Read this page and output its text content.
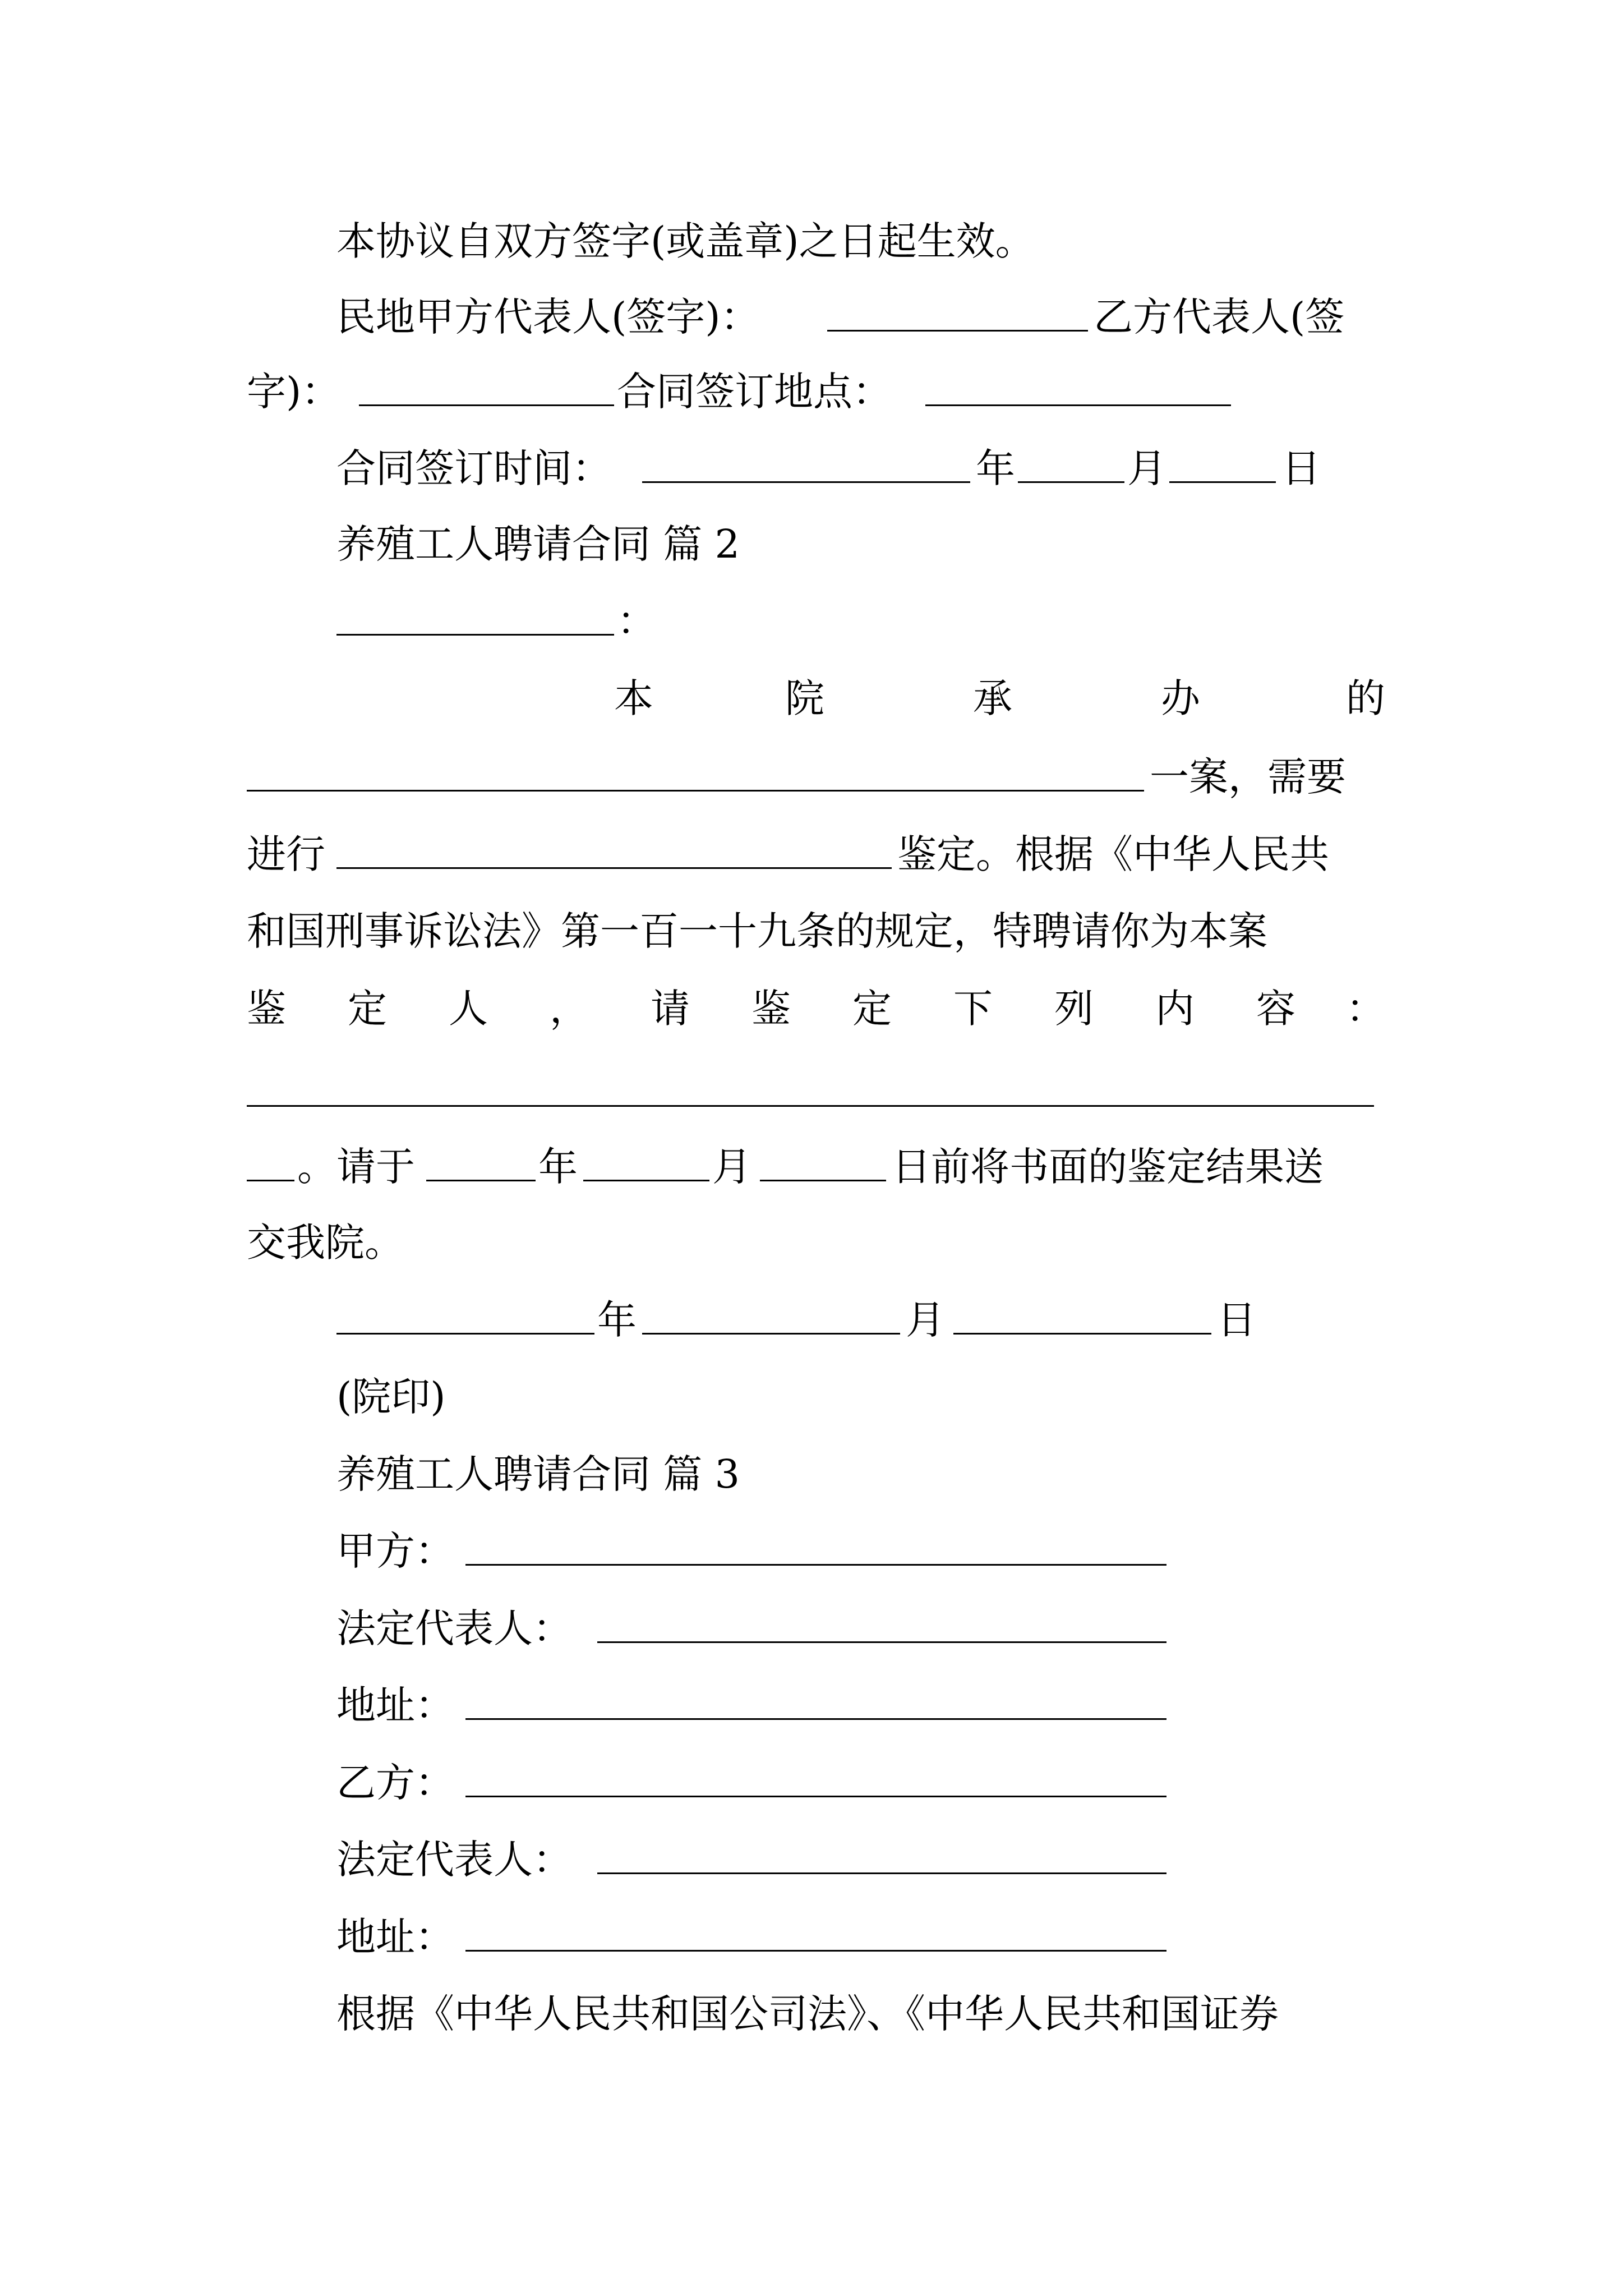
本协议自双方签字(或盖章)之日起生效。
民地甲方代表人(签字)：	乙方代表人(签
字)：	合同签订地点：
合同签订时间：	年	月	日
养殖工人聘请合同 篇 2
：
本	院	承	办	的
一案，需要
进行	鉴定。根据《中华人民共
和国刑事诉讼法》第一百一十九条的规定，特聘请你为本案
鉴 定 人 ， 请 鉴 定 下 列 内 容 ：
。请于	年	月	日前将书面的鉴定结果送
交我院。
年	月	日
(院印)
养殖工人聘请合同 篇 3
甲方：
法定代表人：
地址：
乙方：
法定代表人：
地址：
根据《中华人民共和国公司法》、《中华人民共和国证券
